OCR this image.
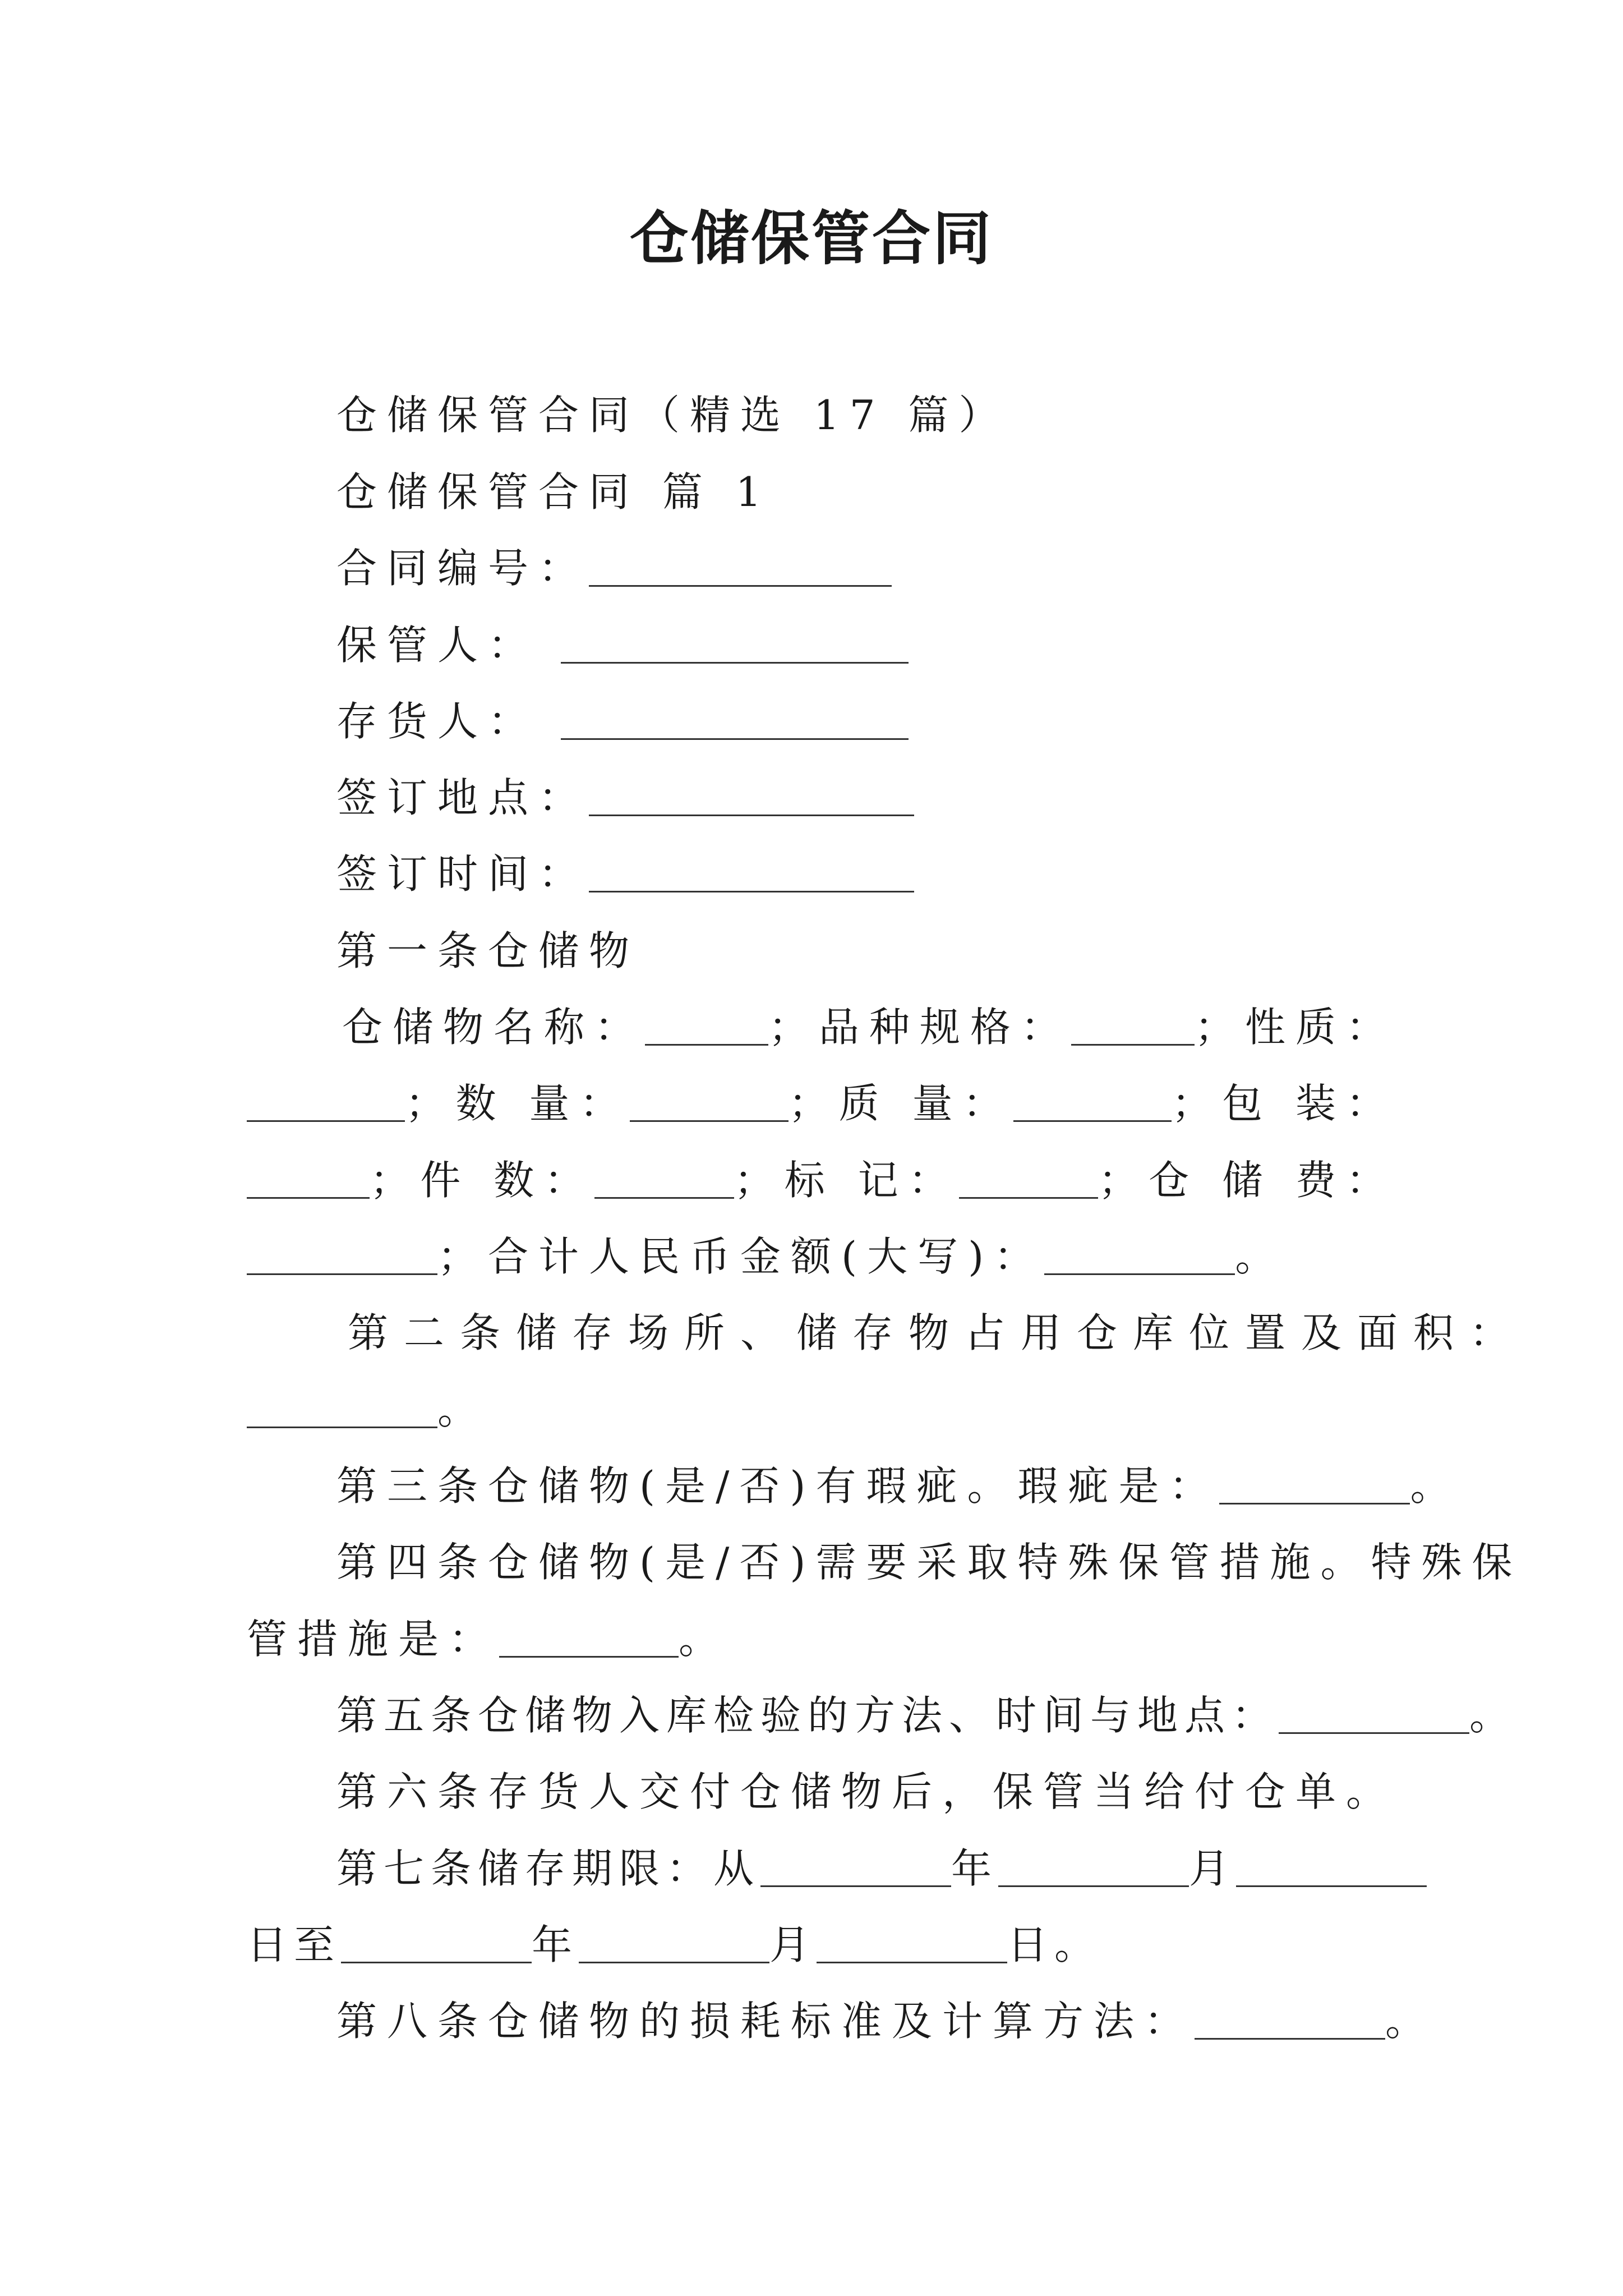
仓储保管合同
仓储保管合同（精选 17 篇）
仓储保管合同 篇 1
合同编号：
保管人：
存货人：
签订地点：
签订时间：
第一条仓储物
仓储物名称：	；品种规格：	；性质：
；数 量：	；质 量：	；包 装：
；件 数：	；标 记：	；仓 储 费：
；合计人民币金额(大写)：	。
第二条储存场所、储存物占用仓库位置及面积：
。
第三条仓储物(是/否)有瑕疵。瑕疵是：	。
第四条仓储物(是/否)需要采取特殊保管措施。特殊保
管措施是：	。
第五条仓储物入库检验的方法、时间与地点：	。
第六条存货人交付仓储物后，保管当给付仓单。
第七条储存期限：从	年	月
日至	年	月	日。
第八条仓储物的损耗标准及计算方法：	。
